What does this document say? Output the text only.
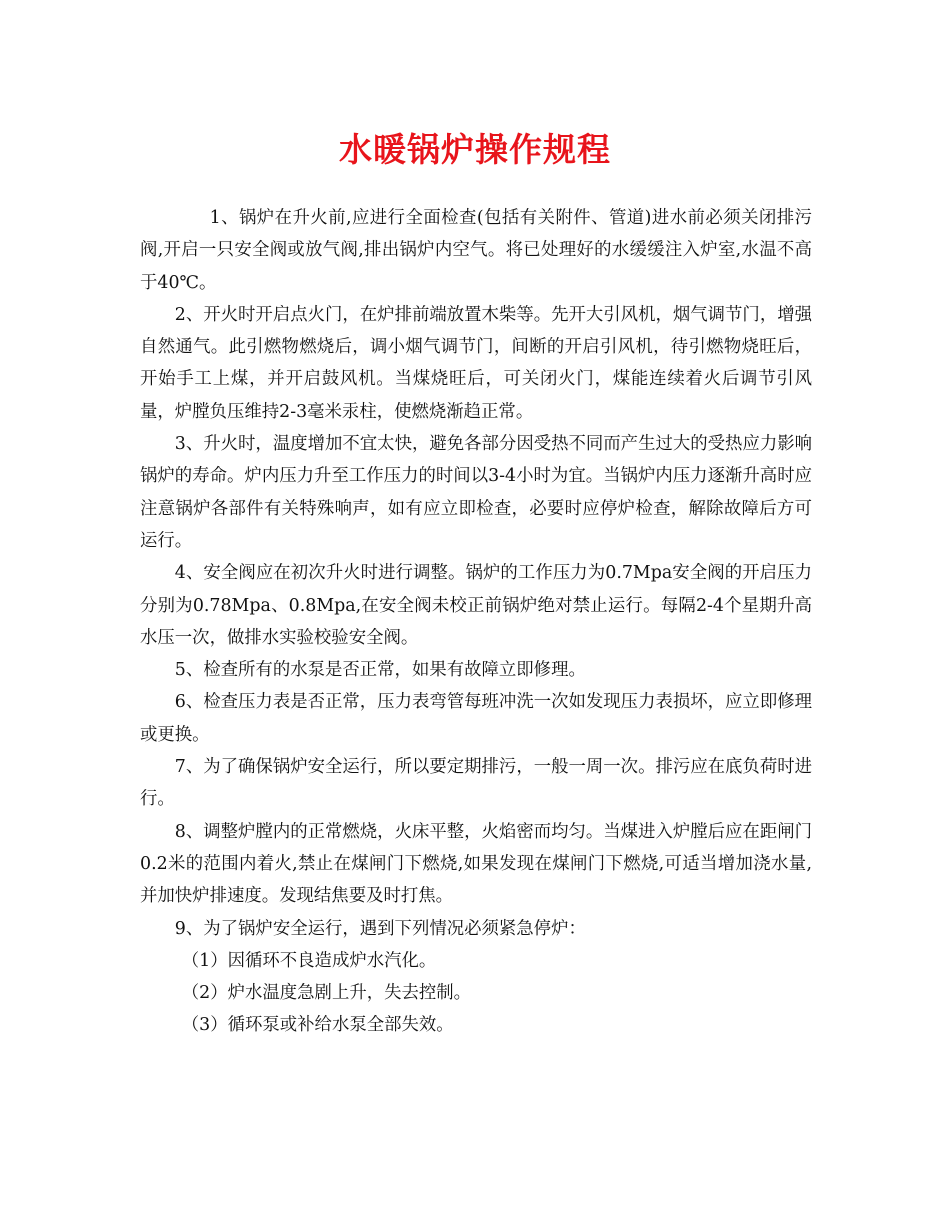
水暖锅炉操作规程

1、锅炉在升火前,应进行全面检查(包括有关附件、管道)进水前必须关闭排污阀,开启一只安全阀或放气阀,排出锅炉内空气。将已处理好的水缓缓注入炉室,水温不高于40℃。

2、开火时开启点火门，在炉排前端放置木柴等。先开大引风机，烟气调节门，增强自然通气。此引燃物燃烧后，调小烟气调节门，间断的开启引风机，待引燃物烧旺后，开始手工上煤，并开启鼓风机。当煤烧旺后，可关闭火门，煤能连续着火后调节引风量，炉膛负压维持2-3毫米汞柱，使燃烧渐趋正常。

3、升火时，温度增加不宜太快，避免各部分因受热不同而产生过大的受热应力影响锅炉的寿命。炉内压力升至工作压力的时间以3-4小时为宜。当锅炉内压力逐渐升高时应注意锅炉各部件有关特殊响声，如有应立即检查，必要时应停炉检查，解除故障后方可运行。

4、安全阀应在初次升火时进行调整。锅炉的工作压力为0.7Mpa安全阀的开启压力分别为0.78Mpa、0.8Mpa,在安全阀未校正前锅炉绝对禁止运行。每隔2-4个星期升高水压一次，做排水实验校验安全阀。

5、检查所有的水泵是否正常，如果有故障立即修理。

6、检查压力表是否正常，压力表弯管每班冲洗一次如发现压力表损坏，应立即修理或更换。

7、为了确保锅炉安全运行，所以要定期排污，一般一周一次。排污应在底负荷时进行。

8、调整炉膛内的正常燃烧，火床平整，火焰密而均匀。当煤进入炉膛后应在距闸门0.2米的范围内着火,禁止在煤闸门下燃烧,如果发现在煤闸门下燃烧,可适当增加浇水量,并加快炉排速度。发现结焦要及时打焦。

9、为了锅炉安全运行，遇到下列情况必须紧急停炉：

（1）因循环不良造成炉水汽化。

（2）炉水温度急剧上升，失去控制。

（3）循环泵或补给水泵全部失效。
